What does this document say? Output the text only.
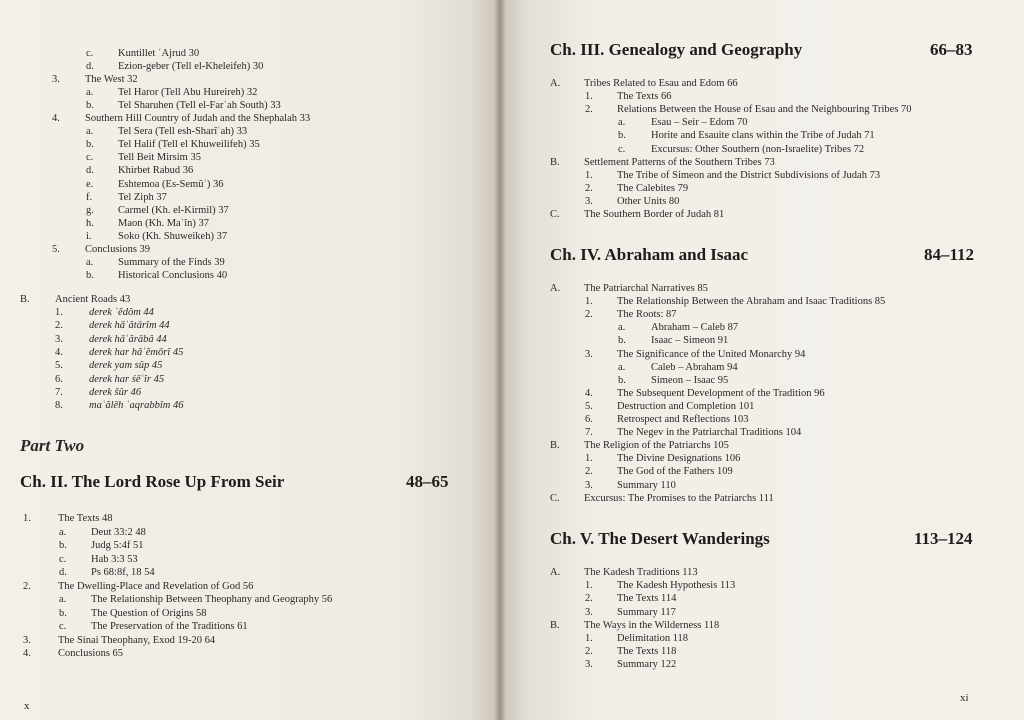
c. Kuntillet ʿAjrud 30
d. Ezion-geber (Tell el-Kheleifeh) 30
3. The West 32
a. Tel Haror (Tell Abu Hureireh) 32
b. Tel Sharuhen (Tell el-Farʿah South) 33
4. Southern Hill Country of Judah and the Shephalah 33
a. Tel Sera (Tell esh-Sharîʿah) 33
b. Tel Halif (Tell el Khuweilifeh) 35
c. Tell Beit Mirsim 35
d. Khirbet Rabud 36
e. Eshtemoa (Es-Semûʿ) 36
f. Tel Ziph 37
g. Carmel (Kh. el-Kirmil) 37
h. Maon (Kh. Maʿîn) 37
i.	Soko (Kh. Shuweikeh) 37
5. Conclusions 39
a. Summary of the Finds 39
b. Historical Conclusions 40
B. Ancient Roads 43
1. derek ʾĕdôm 44
2. derek hāʾătārîm 44
3. derek hāʿărābâ 44
4. derek har hāʾĕmōrî 45
5. derek yam sûp 45
6. derek har śēʿîr 45
7. derek šûr 46
8. maʿălēh ʿaqrabbîm 46
Part Two
Ch. II. The Lord Rose Up From Seir	48–65
1.	The Texts 48
a. Deut 33:2 48
b. Judg 5:4f 51
c. Hab 3:3 53
d. Ps 68:8f, 18 54
2.	The Dwelling-Place and Revelation of God 56
a. The Relationship Between Theophany and Geography 56
b. The Question of Origins 58
c. The Preservation of the Traditions 61
3.	The Sinai Theophany, Exod 19-20 64
4.	Conclusions 65
x
Ch. III. Genealogy and Geography	66–83
A. Tribes Related to Esau and Edom 66
1. The Texts 66
2. Relations Between the House of Esau and the Neighbouring Tribes 70
a. Esau – Seir – Edom 70
b. Horite and Esauite clans within the Tribe of Judah 71
c. Excursus: Other Southern (non-Israelite) Tribes 72
B. Settlement Patterns of the Southern Tribes 73
1. The Tribe of Simeon and the District Subdivisions of Judah 73
2. The Calebites 79
3. Other Units 80
C. The Southern Border of Judah 81
Ch. IV. Abraham and Isaac	84–112
A. The Patriarchal Narratives 85
1. The Relationship Between the Abraham and Isaac Traditions 85
2. The Roots: 87
a. Abraham – Caleb 87
b. Isaac – Simeon 91
3. The Significance of the United Monarchy 94
a. Caleb – Abraham 94
b. Simeon – Isaac 95
4. The Subsequent Development of the Tradition 96
5. Destruction and Completion 101
6. Retrospect and Reflections 103
7. The Negev in the Patriarchal Traditions 104
B. The Religion of the Patriarchs 105
1. The Divine Designations 106
2. The God of the Fathers 109
3. Summary 110
C. Excursus: The Promises to the Patriarchs 111
Ch. V. The Desert Wanderings	113–124
A. The Kadesh Traditions 113
1. The Kadesh Hypothesis 113
2. The Texts 114
3. Summary 117
B. The Ways in the Wilderness 118
1. Delimitation 118
2. The Texts 118
3. Summary 122
xi
